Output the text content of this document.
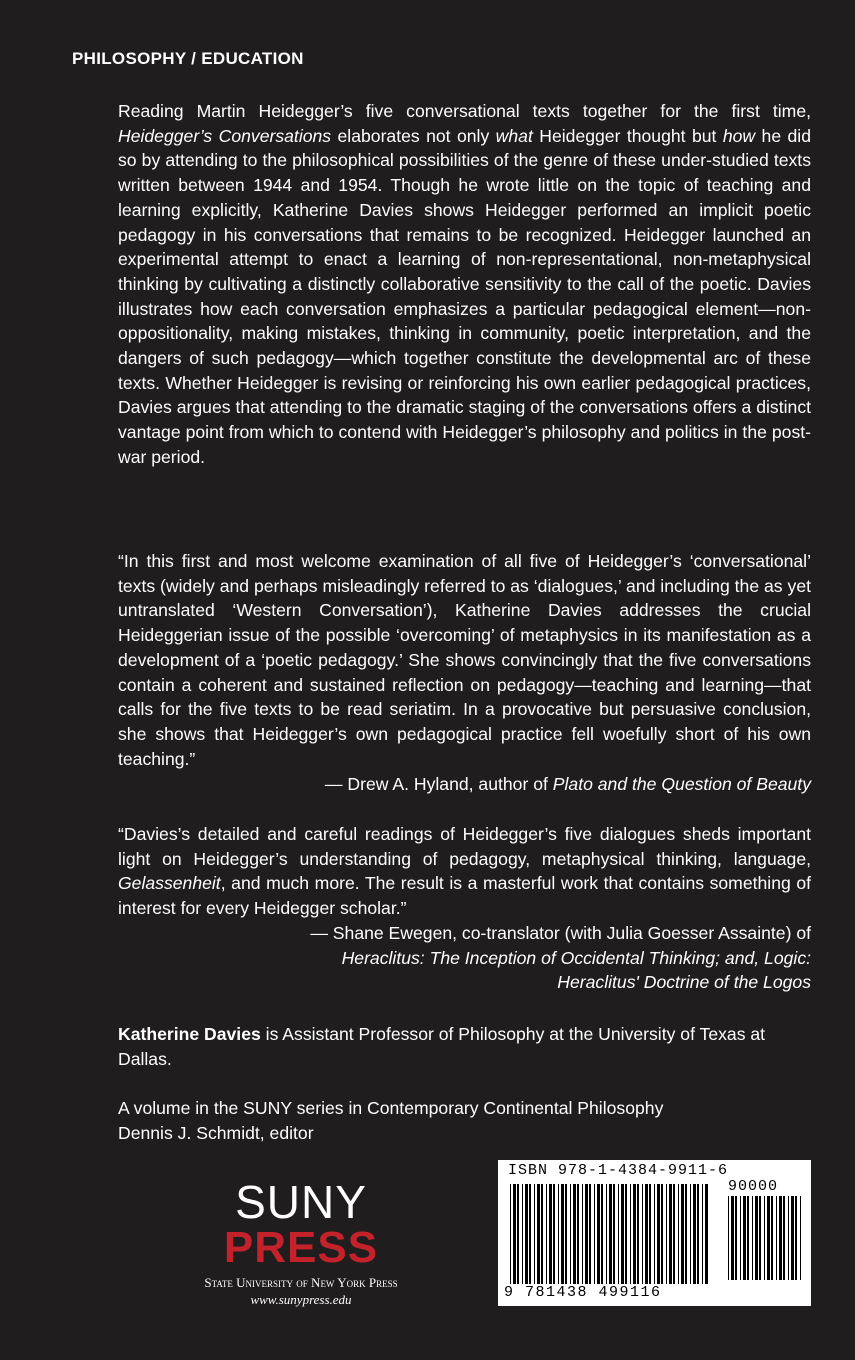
PHILOSOPHY / EDUCATION

Reading Martin Heidegger’s five conversational texts together for the first time, Heidegger’s Conversations elaborates not only what Heidegger thought but how he did so by attending to the philosophical possibilities of the genre of these under-studied texts written between 1944 and 1954. Though he wrote little on the topic of teaching and learning explicitly, Katherine Davies shows Heidegger performed an implicit poetic pedagogy in his conversations that remains to be recognized. Heidegger launched an experimental attempt to enact a learning of non-representational, non-metaphysical thinking by cultivating a distinctly collaborative sensitivity to the call of the poetic. Davies illustrates how each conversation emphasizes a particular pedagogical element—non-oppositionality, making mistakes, thinking in community, poetic interpretation, and the dangers of such pedagogy—which together constitute the developmental arc of these texts. Whether Heidegger is revising or reinforcing his own earlier pedagogical practices, Davies argues that attending to the dramatic staging of the conversations offers a distinct vantage point from which to contend with Heidegger’s philosophy and politics in the post-war period.

“In this first and most welcome examination of all five of Heidegger’s ‘conversational’ texts (widely and perhaps misleadingly referred to as ‘dialogues,’ and including the as yet untranslated ‘Western Conversation’), Katherine Davies addresses the crucial Heideggerian issue of the possible ‘overcoming’ of metaphysics in its manifestation as a development of a ‘poetic pedagogy.’ She shows convincingly that the five conversations contain a coherent and sustained reflection on pedagogy—teaching and learning—that calls for the five texts to be read seriatim. In a provocative but persuasive conclusion, she shows that Heidegger’s own pedagogical practice fell woefully short of his own teaching.”

— Drew A. Hyland, author of Plato and the Question of Beauty

“Davies’s detailed and careful readings of Heidegger’s five dialogues sheds important light on Heidegger’s understanding of pedagogy, metaphysical thinking, language, Gelassenheit, and much more. The result is a masterful work that contains something of interest for every Heidegger scholar.”

— Shane Ewegen, co-translator (with Julia Goesser Assainte) of
Heraclitus: The Inception of Occidental Thinking; and, Logic:
Heraclitus' Doctrine of the Logos

Katherine Davies is Assistant Professor of Philosophy at the University of Texas at Dallas.

A volume in the SUNY series in Contemporary Continental Philosophy
Dennis J. Schmidt, editor

SUNY
PRESS
State University of New York Press
www.sunypress.edu
ISBN 978-1-4384-9911-6
90000
9 781438 499116
